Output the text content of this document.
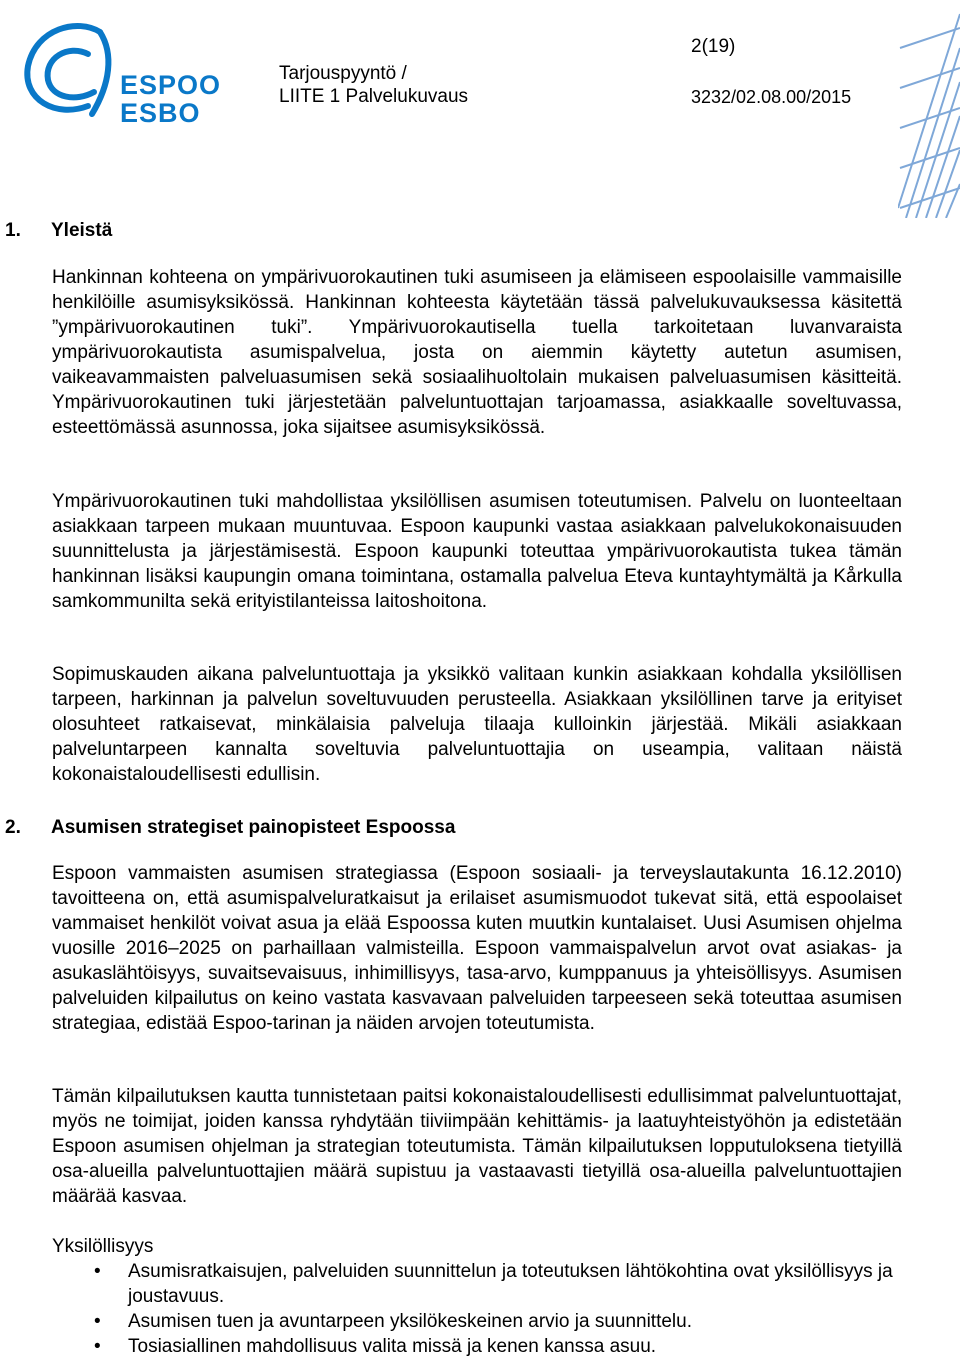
ESPOO
ESBO
Tarjouspyyntö /
LIITE 1 Palvelukuvaus
2(19)
3232/02.08.00/2015
1. Yleistä

Hankinnan kohteena on ympärivuorokautinen tuki asumiseen ja elämiseen espoolaisille vammaisille henkilöille asumisyksikössä. Hankinnan kohteesta käytetään tässä palvelukuvauksessa käsitettä ”ympärivuorokautinen tuki”. Ympärivuorokautisella tuella tarkoitetaan luvanvaraista ympärivuorokautista asumispalvelua, josta on aiemmin käytetty autetun asumisen, vaikeavammaisten palveluasumisen sekä sosiaalihuoltolain mukaisen palveluasumisen käsitteitä. Ympärivuorokautinen tuki järjestetään palveluntuottajan tarjoamassa, asiakkaalle soveltuvassa, esteettömässä asunnossa, joka sijaitsee asumisyksikössä.

Ympärivuorokautinen tuki mahdollistaa yksilöllisen asumisen toteutumisen. Palvelu on luonteeltaan asiakkaan tarpeen mukaan muuntuvaa. Espoon kaupunki vastaa asiakkaan palvelukokonaisuuden suunnittelusta ja järjestämisestä. Espoon kaupunki toteuttaa ympärivuorokautista tukea tämän hankinnan lisäksi kaupungin omana toimintana, ostamalla palvelua Eteva kuntayhtymältä ja Kårkulla samkommunilta sekä erityistilanteissa laitoshoitona.

Sopimuskauden aikana palveluntuottaja ja yksikkö valitaan kunkin asiakkaan kohdalla yksilöllisen tarpeen, harkinnan ja palvelun soveltuvuuden perusteella. Asiakkaan yksilöllinen tarve ja erityiset olosuhteet ratkaisevat, minkälaisia palveluja tilaaja kulloinkin järjestää. Mikäli asiakkaan palveluntarpeen kannalta soveltuvia palveluntuottajia on useampia, valitaan näistä kokonaistaloudellisesti edullisin.

2. Asumisen strategiset painopisteet Espoossa

Espoon vammaisten asumisen strategiassa (Espoon sosiaali- ja terveyslautakunta 16.12.2010) tavoitteena on, että asumispalveluratkaisut ja erilaiset asumismuodot tukevat sitä, että espoolaiset vammaiset henkilöt voivat asua ja elää Espoossa kuten muutkin kuntalaiset. Uusi Asumisen ohjelma vuosille 2016–2025 on parhaillaan valmisteilla. Espoon vammaispalvelun arvot ovat asiakas- ja asukaslähtöisyys, suvaitsevaisuus, inhimillisyys, tasa-arvo, kumppanuus ja yhteisöllisyys. Asumisen palveluiden kilpailutus on keino vastata kasvavaan palveluiden tarpeeseen sekä toteuttaa asumisen strategiaa, edistää Espoo-tarinan ja näiden arvojen toteutumista.

Tämän kilpailutuksen kautta tunnistetaan paitsi kokonaistaloudellisesti edullisimmat palveluntuottajat, myös ne toimijat, joiden kanssa ryhdytään tiiviimpään kehittämis- ja laatuyhteistyöhön ja edistetään Espoon asumisen ohjelman ja strategian toteutumista. Tämän kilpailutuksen lopputuloksena tietyillä osa-alueilla palveluntuottajien määrä supistuu ja vastaavasti tietyillä osa-alueilla palveluntuottajien määrää kasvaa.

Yksilöllisyys
• Asumisratkaisujen, palveluiden suunnittelun ja toteutuksen lähtökohtina ovat yksilöllisyys ja joustavuus.
• Asumisen tuen ja avuntarpeen yksilökeskeinen arvio ja suunnittelu.
• Tosiasiallinen mahdollisuus valita missä ja kenen kanssa asuu.
